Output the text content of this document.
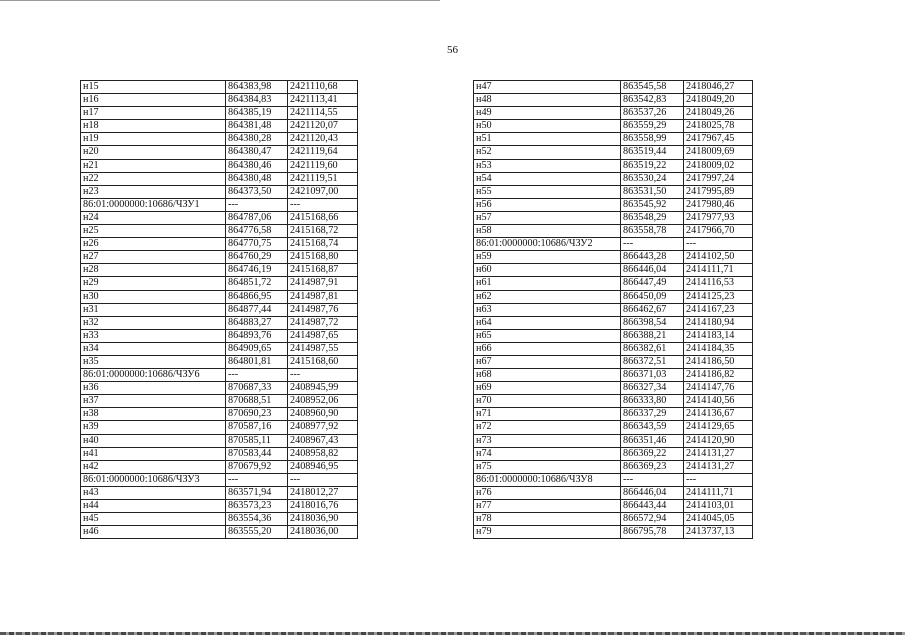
56
н15	864383,98	2421110,68
н16	864384,83	2421113,41
н17	864385,19	2421114,55
н18	864381,48	2421120,07
н19	864380,28	2421120,43
н20	864380,47	2421119,64
н21	864380,46	2421119,60
н22	864380,48	2421119,51
н23	864373,50	2421097,00
86:01:0000000:10686/ЧЗУ1	---	---
н24	864787,06	2415168,66
н25	864776,58	2415168,72
н26	864770,75	2415168,74
н27	864760,29	2415168,80
н28	864746,19	2415168,87
н29	864851,72	2414987,91
н30	864866,95	2414987,81
н31	864877,44	2414987,76
н32	864883,27	2414987,72
н33	864893,76	2414987,65
н34	864909,65	2414987,55
н35	864801,81	2415168,60
86:01:0000000:10686/ЧЗУ6	---	---
н36	870687,33	2408945,99
н37	870688,51	2408952,06
н38	870690,23	2408960,90
н39	870587,16	2408977,92
н40	870585,11	2408967,43
н41	870583,44	2408958,82
н42	870679,92	2408946,95
86:01:0000000:10686/ЧЗУ3	---	---
н43	863571,94	2418012,27
н44	863573,23	2418016,76
н45	863554,36	2418036,90
н46	863555,20	2418036,00
н47	863545,58	2418046,27
н48	863542,83	2418049,20
н49	863537,26	2418049,26
н50	863559,29	2418025,78
н51	863558,99	2417967,45
н52	863519,44	2418009,69
н53	863519,22	2418009,02
н54	863530,24	2417997,24
н55	863531,50	2417995,89
н56	863545,92	2417980,46
н57	863548,29	2417977,93
н58	863558,78	2417966,70
86:01:0000000:10686/ЧЗУ2	---	---
н59	866443,28	2414102,50
н60	866446,04	2414111,71
н61	866447,49	2414116,53
н62	866450,09	2414125,23
н63	866462,67	2414167,23
н64	866398,54	2414180,94
н65	866388,21	2414183,14
н66	866382,61	2414184,35
н67	866372,51	2414186,50
н68	866371,03	2414186,82
н69	866327,34	2414147,76
н70	866333,80	2414140,56
н71	866337,29	2414136,67
н72	866343,59	2414129,65
н73	866351,46	2414120,90
н74	866369,22	2414131,27
н75	866369,23	2414131,27
86:01:0000000:10686/ЧЗУ8	---	---
н76	866446,04	2414111,71
н77	866443,44	2414103,01
н78	866572,94	2414045,05
н79	866795,78	2413737,13
